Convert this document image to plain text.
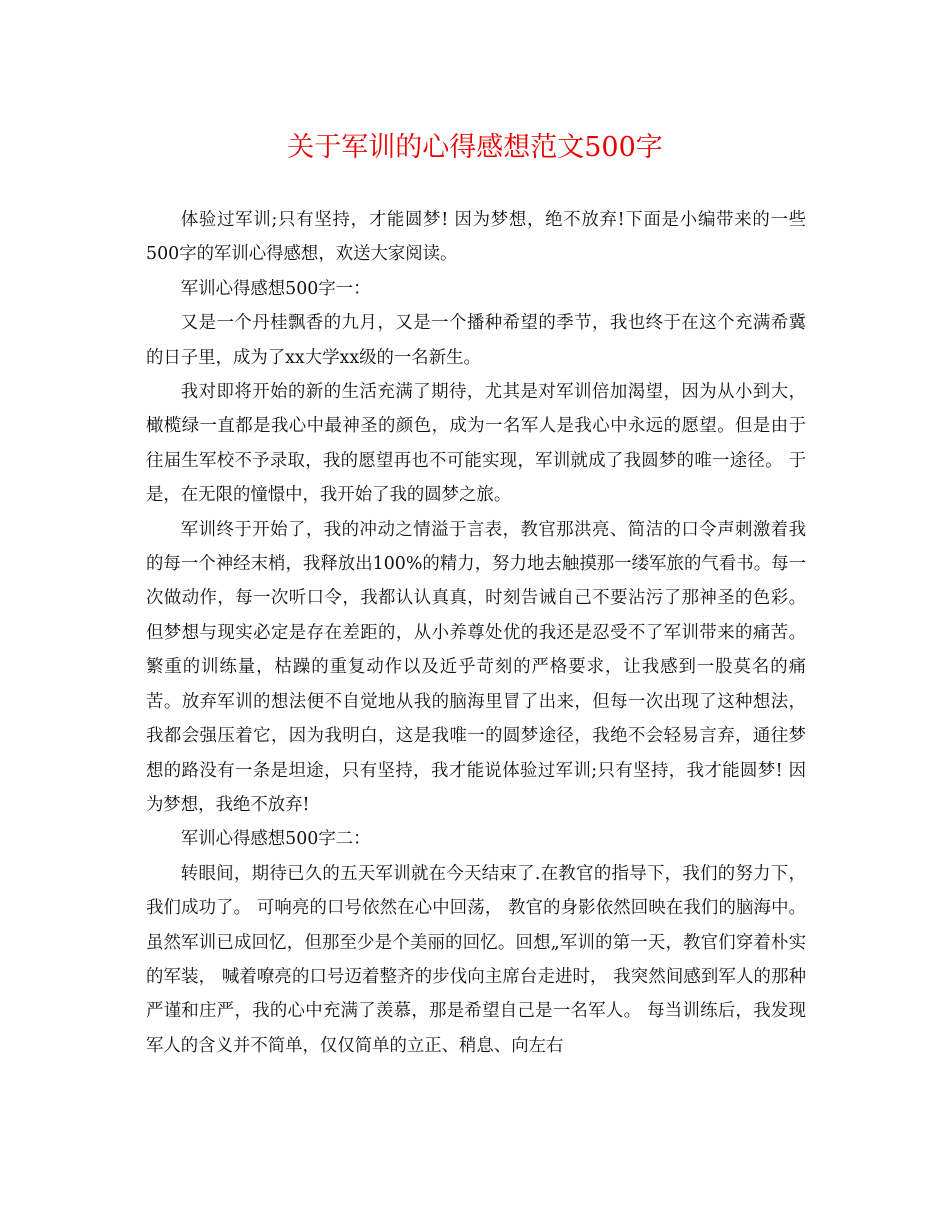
关于军训的心得感想范文500字

体验过军训;只有坚持，才能圆梦! 因为梦想，绝不放弃!下面是小编带来的一些500字的军训心得感想，欢送大家阅读。

军训心得感想500字一：

又是一个丹桂飘香的九月，又是一个播种希望的季节，我也终于在这个充满希冀的日子里，成为了xx大学xx级的一名新生。

我对即将开始的新的生活充满了期待，尤其是对军训倍加渴望，因为从小到大，橄榄绿一直都是我心中最神圣的颜色，成为一名军人是我心中永远的愿望。但是由于往届生军校不予录取，我的愿望再也不可能实现，军训就成了我圆梦的唯一途径。 于是，在无限的憧憬中，我开始了我的圆梦之旅。

军训终于开始了，我的冲动之情溢于言表，教官那洪亮、简洁的口令声刺激着我的每一个神经末梢，我释放出100%的精力，努力地去触摸那一缕军旅的气看书。每一次做动作，每一次听口令，我都认认真真，时刻告诫自己不要沾污了那神圣的色彩。但梦想与现实必定是存在差距的，从小养尊处优的我还是忍受不了军训带来的痛苦。繁重的训练量，枯躁的重复动作以及近乎苛刻的严格要求，让我感到一股莫名的痛苦。放弃军训的想法便不自觉地从我的脑海里冒了出来，但每一次出现了这种想法，我都会强压着它，因为我明白，这是我唯一的圆梦途径，我绝不会轻易言弃，通往梦想的路没有一条是坦途，只有坚持，我才能说体验过军训;只有坚持，我才能圆梦! 因为梦想，我绝不放弃!

军训心得感想500字二：

转眼间，期待已久的五天军训就在今天结束了.在教官的指导下，我们的努力下， 我们成功了。 可响亮的口号依然在心中回荡， 教官的身影依然回映在我们的脑海中。虽然军训已成回忆，但那至少是个美丽的回忆。回想„军训的第一天，教官们穿着朴实的军装， 喊着嘹亮的口号迈着整齐的步伐向主席台走进时， 我突然间感到军人的那种严谨和庄严，我的心中充满了羡慕，那是希望自己是一名军人。 每当训练后，我发现军人的含义并不简单，仅仅简单的立正、稍息、向左右
